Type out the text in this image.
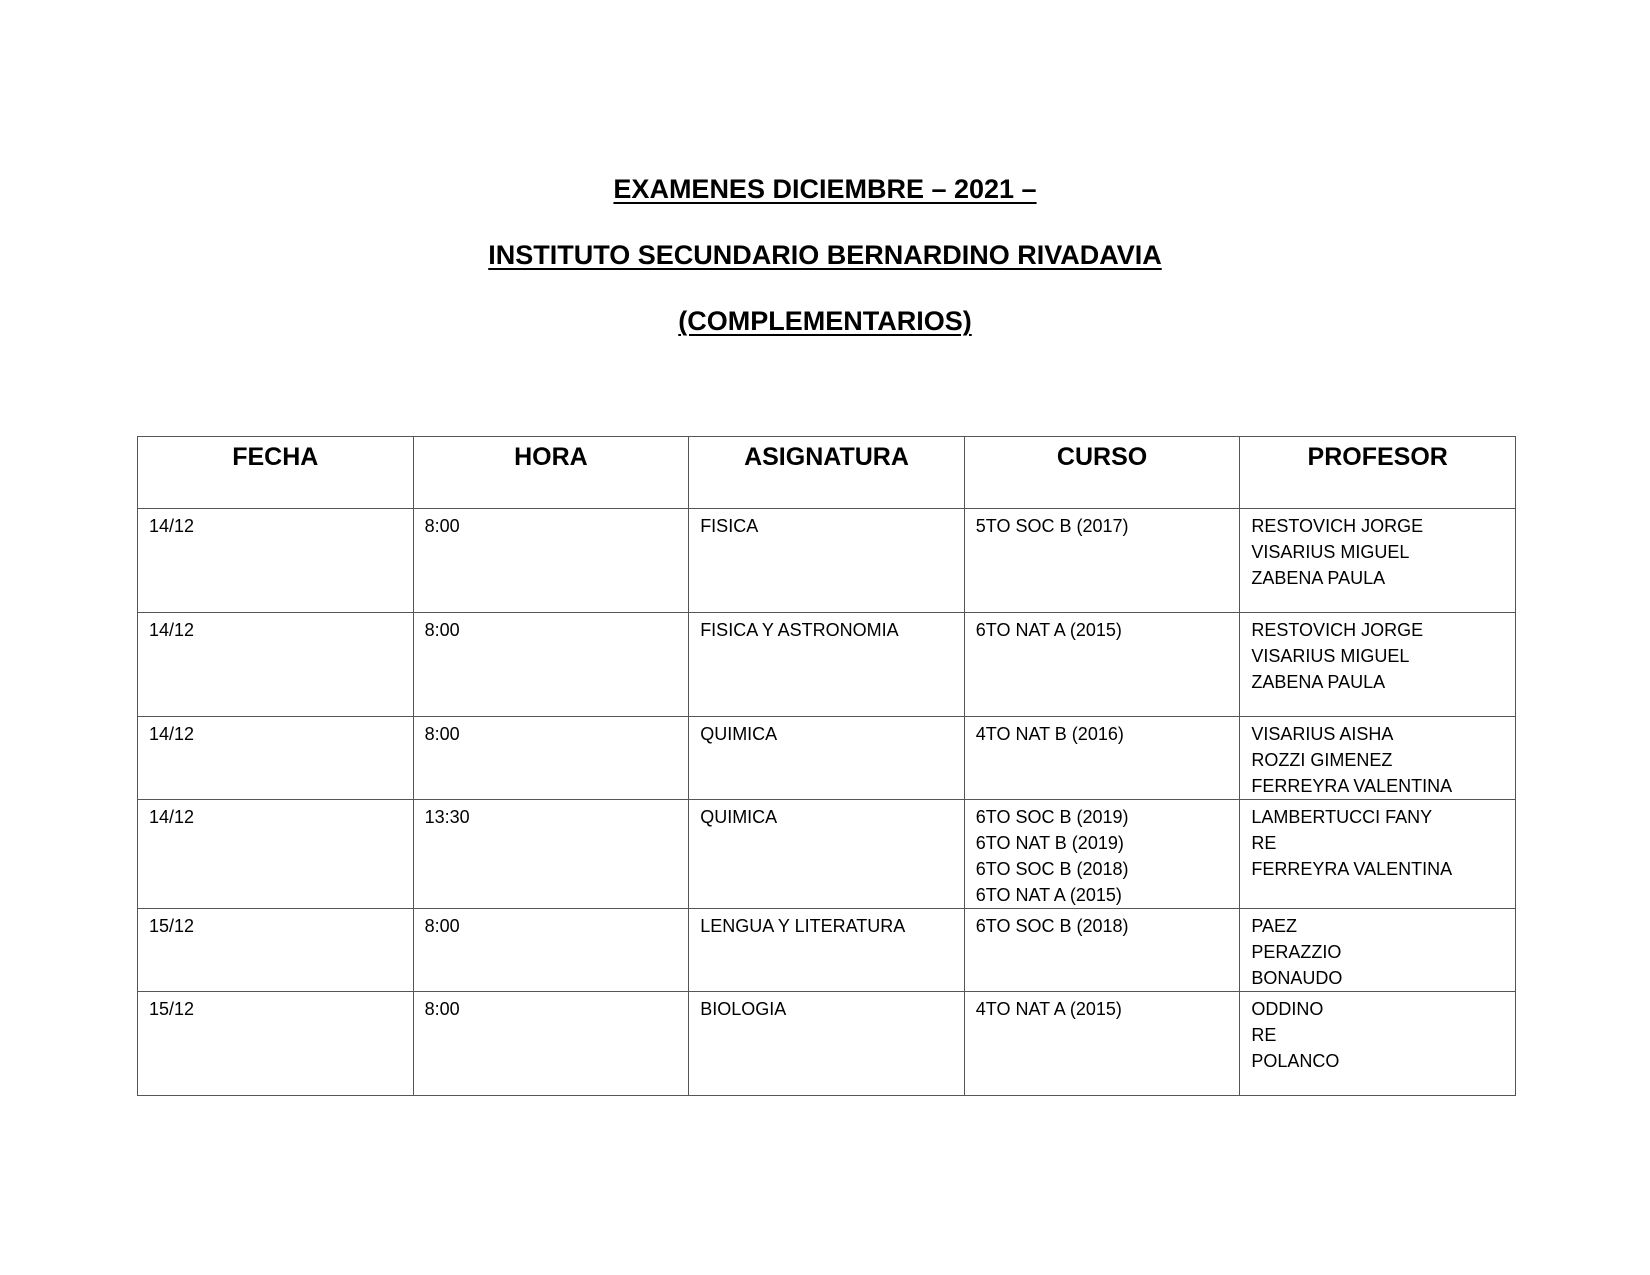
EXAMENES DICIEMBRE – 2021 –
INSTITUTO SECUNDARIO BERNARDINO RIVADAVIA
(COMPLEMENTARIOS)
FECHA	HORA	ASIGNATURA	CURSO	PROFESOR
14/12	8:00	FISICA	5TO SOC B (2017)	RESTOVICH JORGE
VISARIUS MIGUEL
ZABENA PAULA

14/12	8:00	FISICA Y ASTRONOMIA	6TO NAT A (2015)	RESTOVICH JORGE
VISARIUS MIGUEL
ZABENA PAULA

14/12	8:00	QUIMICA	4TO NAT B (2016)	VISARIUS AISHA
ROZZI GIMENEZ
FERREYRA VALENTINA

14/12	13:30	QUIMICA	6TO SOC B (2019)
6TO NAT B (2019)
6TO SOC B (2018)
6TO NAT A (2015)	LAMBERTUCCI FANY
RE
FERREYRA VALENTINA

15/12	8:00	LENGUA Y LITERATURA	6TO SOC B (2018)	PAEZ
PERAZZIO
BONAUDO

15/12	8:00	BIOLOGIA	4TO NAT A (2015)	ODDINO
RE
POLANCO
